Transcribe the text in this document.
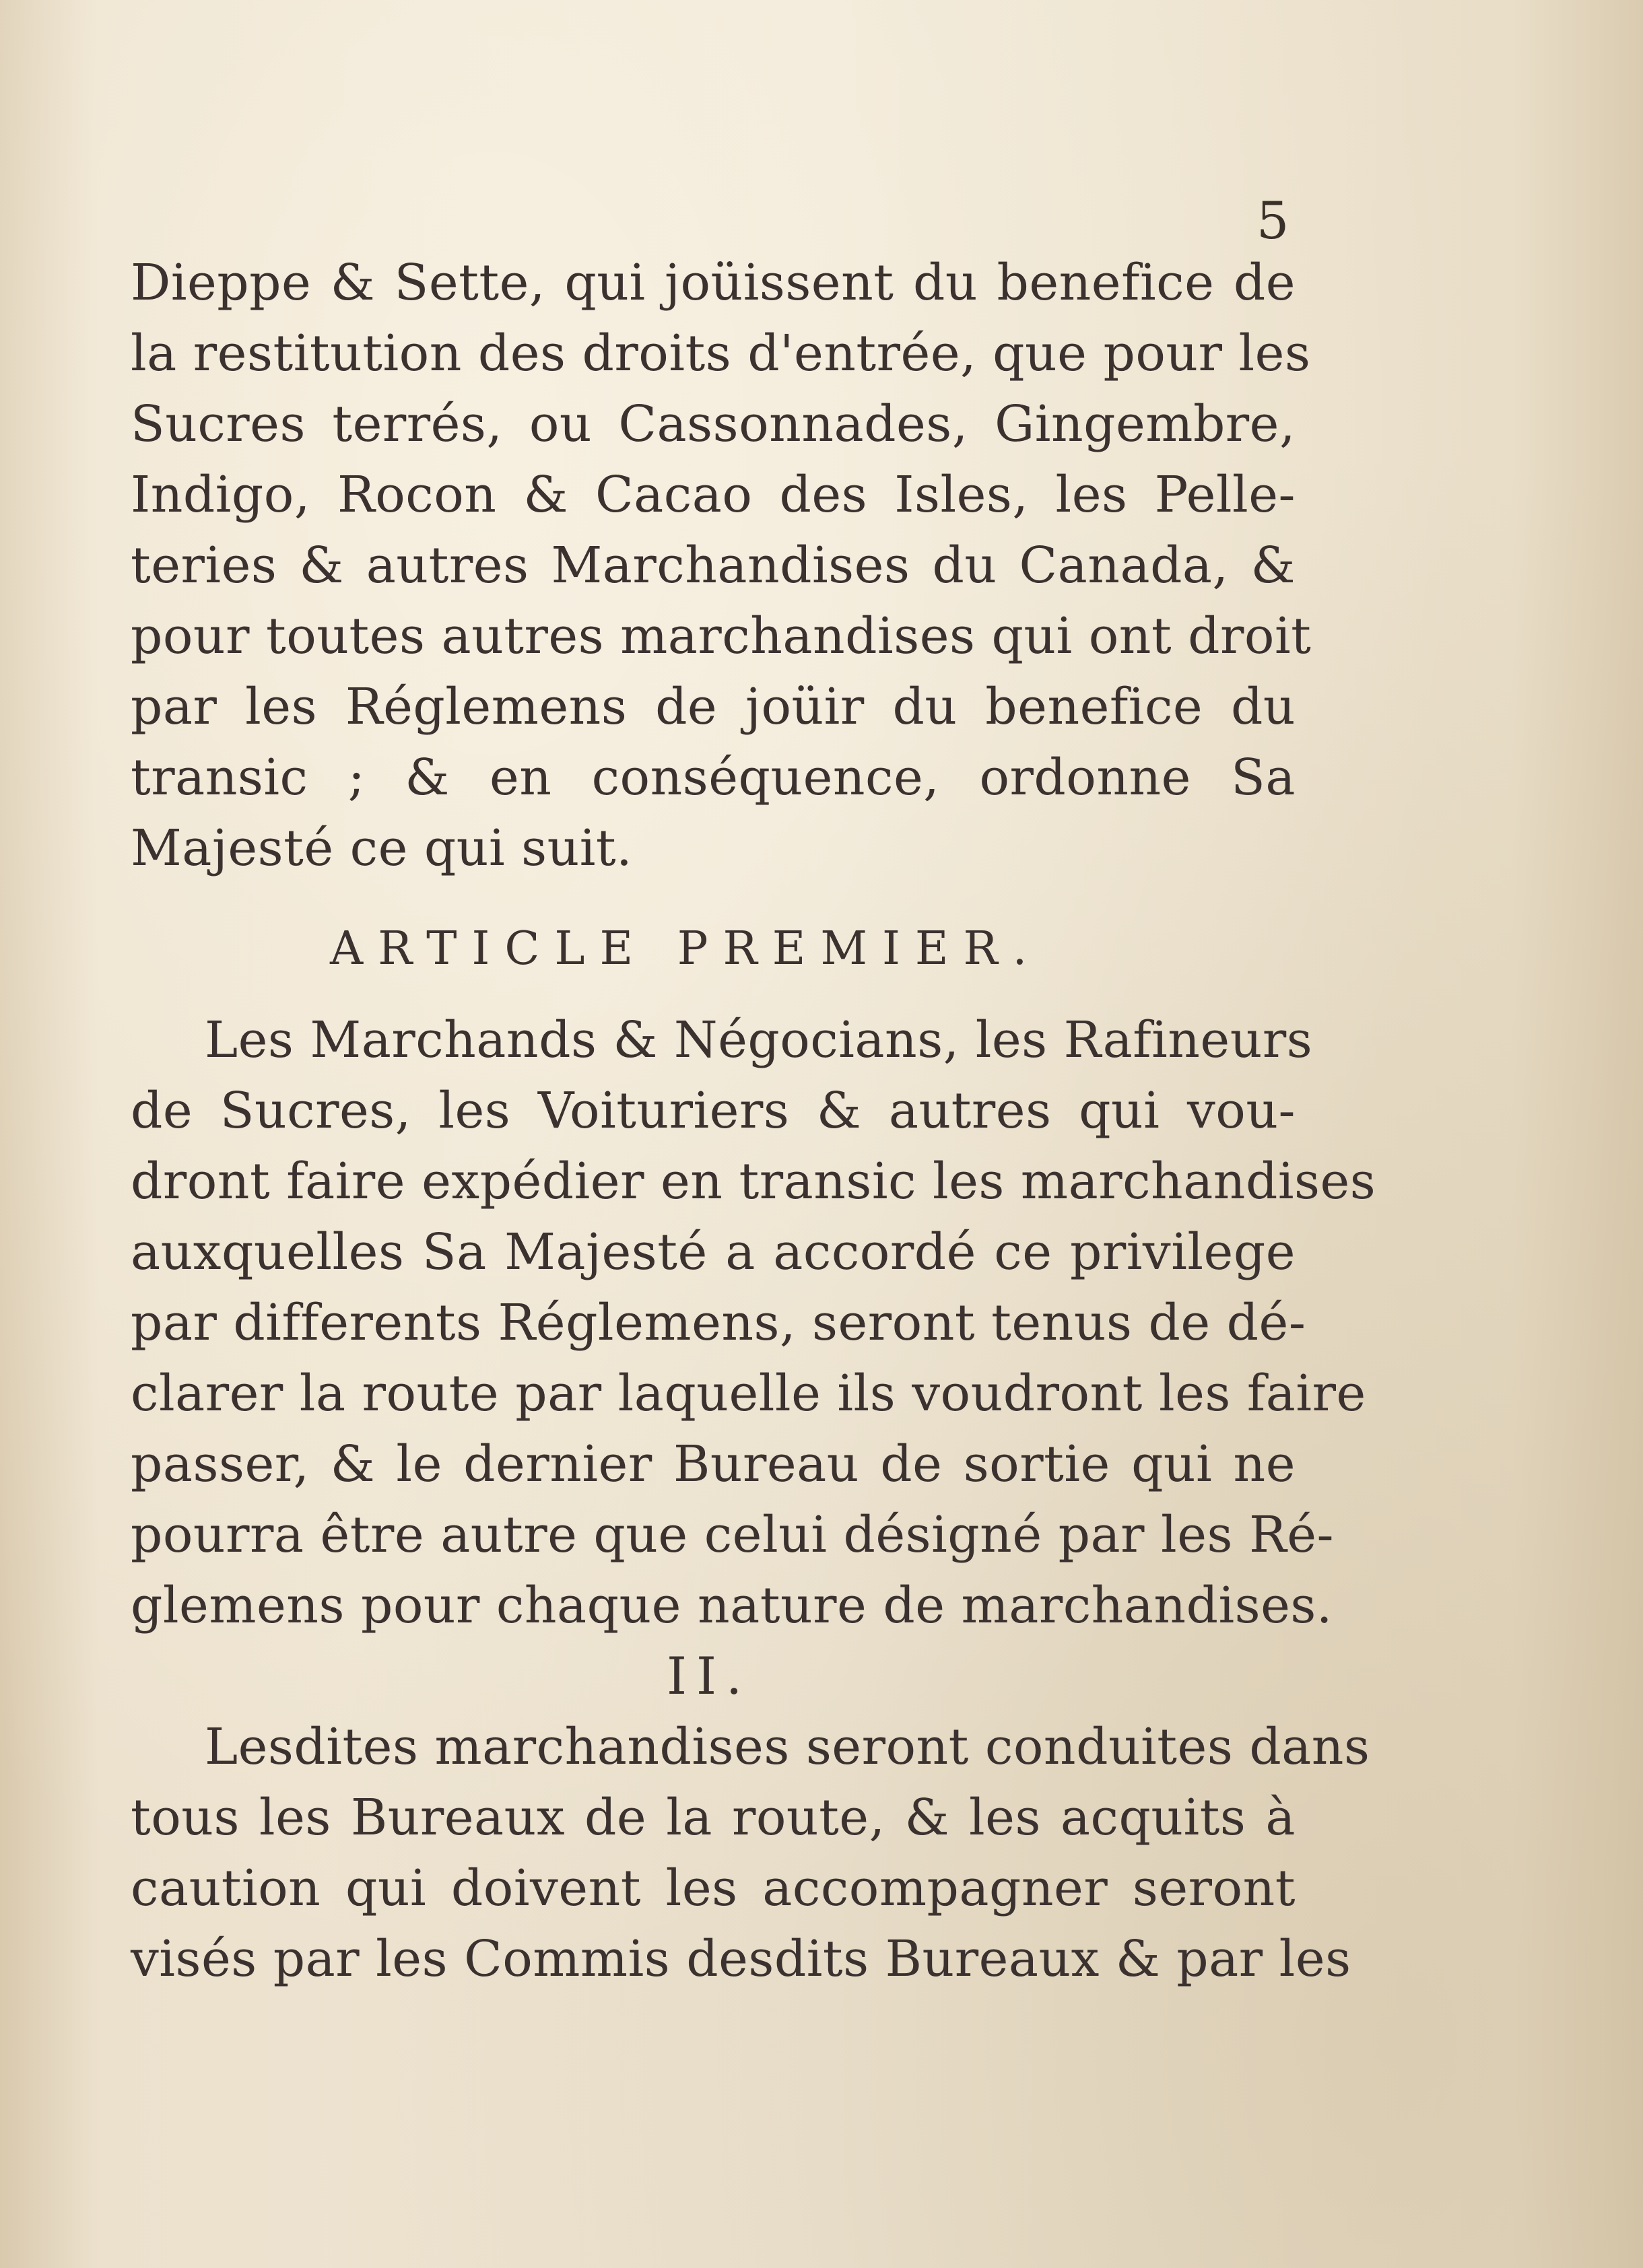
5
Dieppe & Sette, qui joüissent du benefice de
la restitution des droits d'entrée, que pour les
Sucres terrés, ou Cassonnades, Gingembre,
Indigo, Rocon & Cacao des Isles, les Pelle-
teries & autres Marchandises du Canada, &
pour toutes autres marchandises qui ont droit
par les Réglemens de joüir du benefice du
transic ; & en conséquence, ordonne Sa
Majesté ce qui suit.
ARTICLE PREMIER.
Les Marchands & Négocians, les Rafineurs
de Sucres, les Voituriers & autres qui vou-
dront faire expédier en transic les marchandises
auxquelles Sa Majesté a accordé ce privilege
par differents Réglemens, seront tenus de dé-
clarer la route par laquelle ils voudront les faire
passer, & le dernier Bureau de sortie qui ne
pourra être autre que celui désigné par les Ré-
glemens pour chaque nature de marchandises.
II.
Lesdites marchandises seront conduites dans
tous les Bureaux de la route, & les acquits à
caution qui doivent les accompagner seront
visés par les Commis desdits Bureaux & par les
